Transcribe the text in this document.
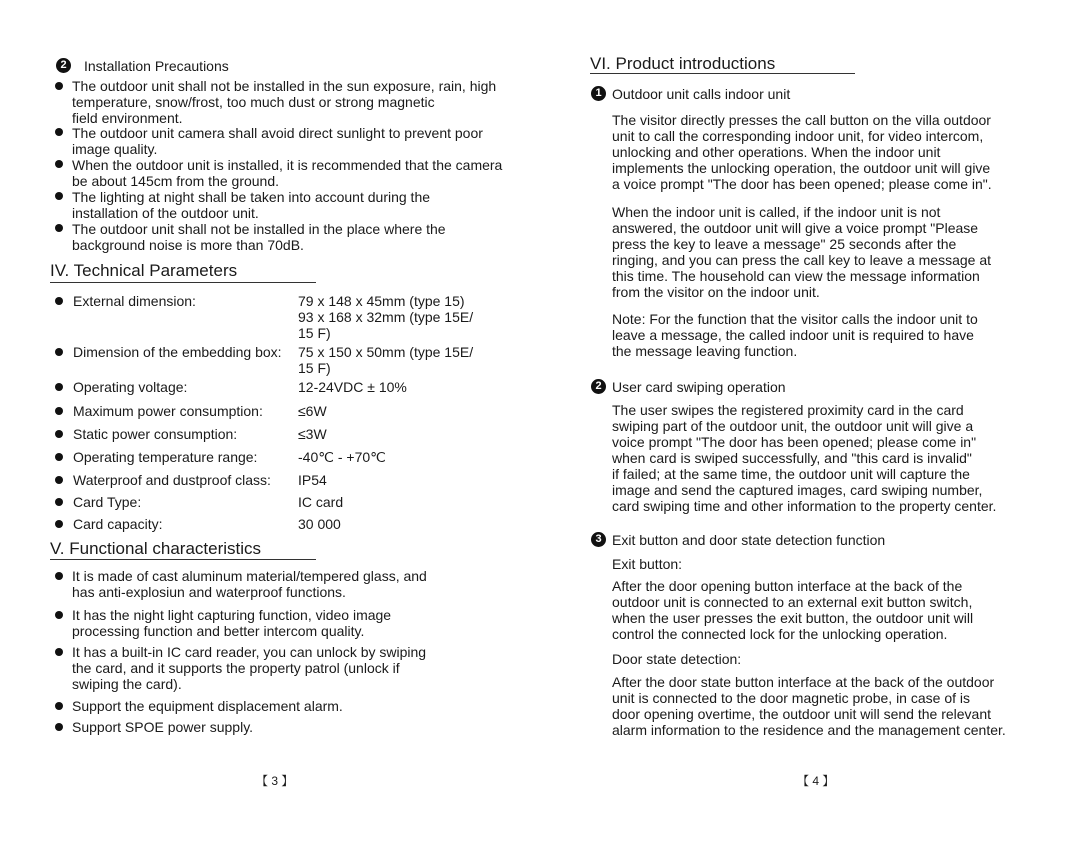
2	Installation Precautions
The outdoor unit shall not be installed in the sun exposure, rain, high
temperature, snow/frost, too much dust or strong magnetic
field environment.
The outdoor unit camera shall avoid direct sunlight to prevent poor
image quality.
When the outdoor unit is installed, it is recommended that the camera
be about 145cm from the ground.
The lighting at night shall be taken into account during the
installation of the outdoor unit.
The outdoor unit shall not be installed in the place where the
background noise is more than 70dB.
IV. Technical Parameters
External dimension:	79 x 148 x 45mm (type 15)
93 x 168 x 32mm (type 15E/
15 F)
Dimension of the embedding box: 75 x 150 x 50mm (type 15E/
15 F)
Operating voltage:	12-24VDC ± 10%
Maximum power consumption:	≤6W
Static power consumption:	≤3W
Operating temperature range:	-40℃ - +70℃
Waterproof and dustproof class: IP54
Card Type:	IC card
Card capacity:	30 000
V. Functional characteristics
It is made of cast aluminum material/tempered glass, and
has anti-explosiun and waterproof functions.
It has the night light capturing function, video image
processing function and better intercom quality.
It has a built-in IC card reader, you can unlock by swiping
the card, and it supports the property patrol (unlock if
swiping the card).
Support the equipment displacement alarm.
Support SPOE power supply.
【 3 】
VI. Product introductions
1 Outdoor unit calls indoor unit
The visitor directly presses the call button on the villa outdoor
unit to call the corresponding indoor unit, for video intercom,
unlocking and other operations. When the indoor unit
implements the unlocking operation, the outdoor unit will give
a voice prompt "The door has been opened; please come in".
When the indoor unit is called, if the indoor unit is not
answered, the outdoor unit will give a voice prompt "Please
press the key to leave a message" 25 seconds after the
ringing, and you can press the call key to leave a message at
this time. The household can view the message information
from the visitor on the indoor unit.
Note: For the function that the visitor calls the indoor unit to
leave a message, the called indoor unit is required to have
the message leaving function.
2 User card swiping operation
The user swipes the registered proximity card in the card
swiping part of the outdoor unit, the outdoor unit will give a
voice prompt "The door has been opened; please come in"
when card is swiped successfully, and "this card is invalid"
if failed; at the same time, the outdoor unit will capture the
image and send the captured images, card swiping number,
card swiping time and other information to the property center.
3 Exit button and door state detection function
Exit button:
After the door opening button interface at the back of the
outdoor unit is connected to an external exit button switch,
when the user presses the exit button, the outdoor unit will
control the connected lock for the unlocking operation.
Door state detection:
After the door state button interface at the back of the outdoor
unit is connected to the door magnetic probe, in case of is
door opening overtime, the outdoor unit will send the relevant
alarm information to the residence and the management center.
【 4 】
